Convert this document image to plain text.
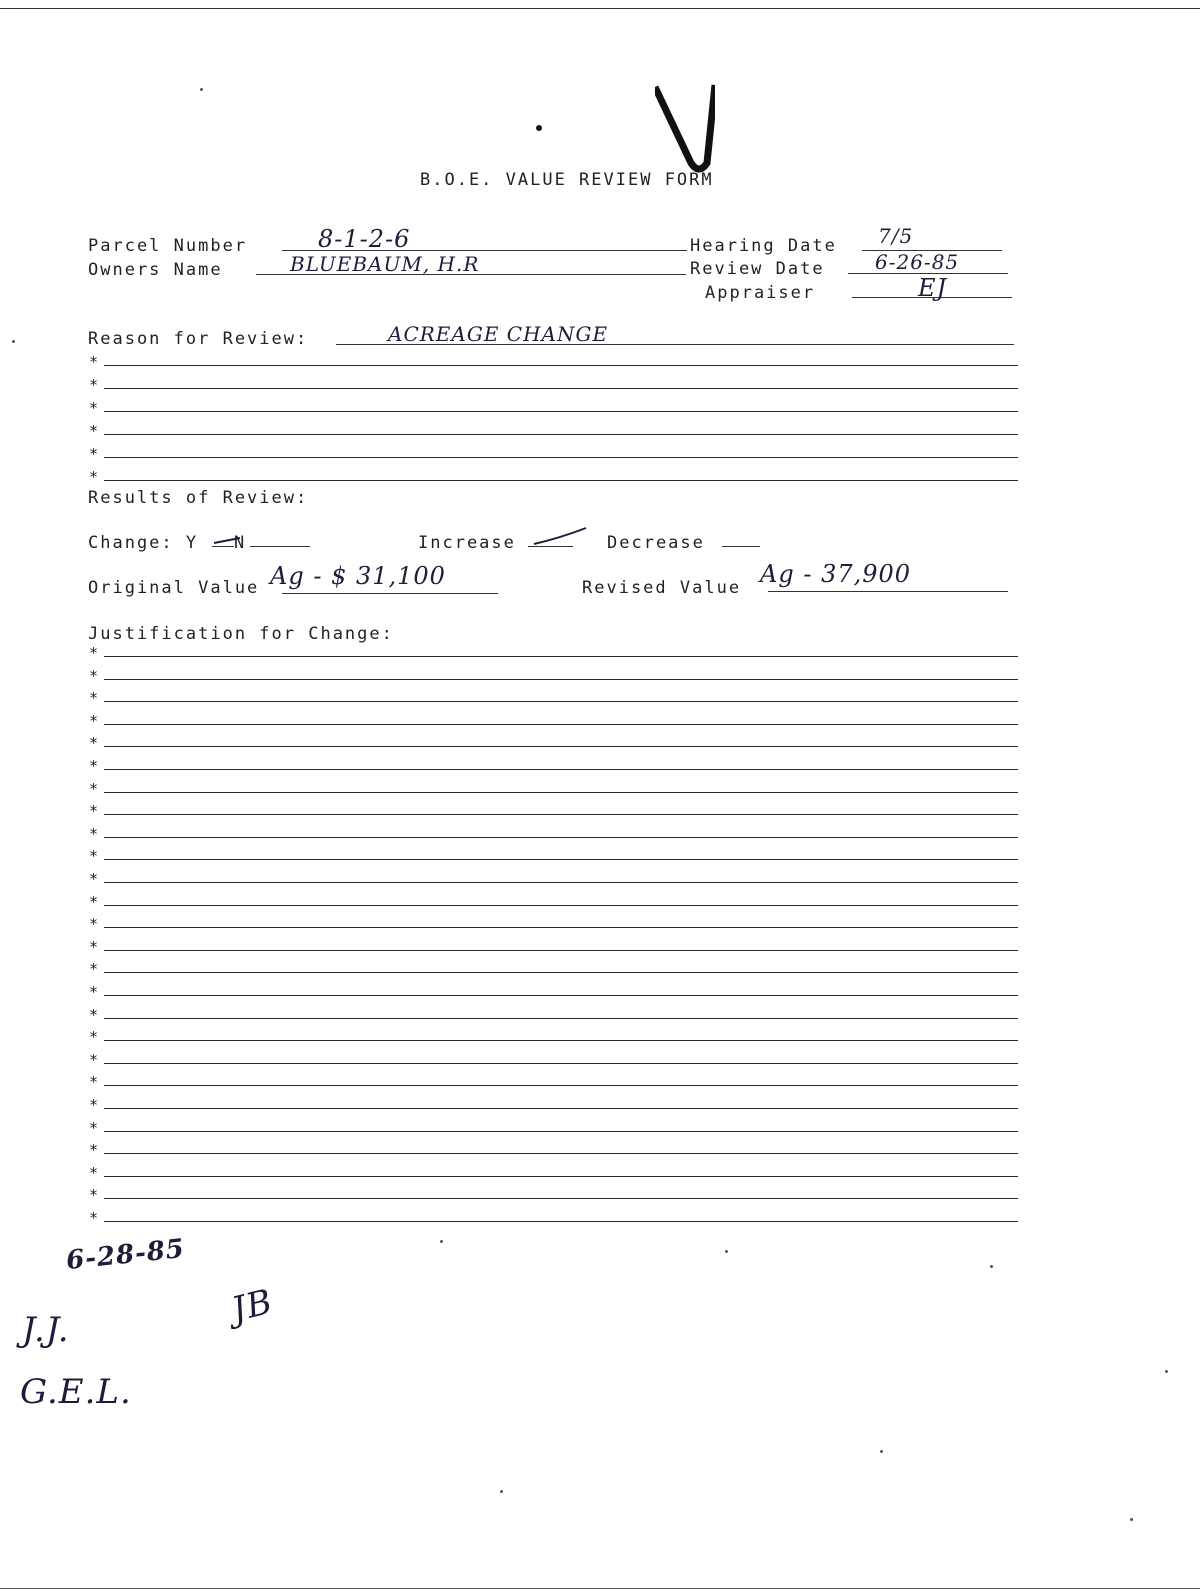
B.O.E. VALUE REVIEW FORM
Parcel Number	8-1-2-6
Owners Name	BLUEBAUM, H.R
Hearing Date 7/5
Review Date	6-26-85
Appraiser	EJ
Reason for Review:	ACREAGE CHANGE
*
*
*
*
*
*
Results of Review:
Change: Y N	Increase	Decrease
Original Value Ag - $ 31,100	Revised Value Ag - 37,900
Justification for Change:
*
*
*
*
*
*
*
*
*
*
*
*
*
*
*
*
*
*
*
*
*
*
*
*
*
*
6-28-85
J.J.
G.E.L.
JB
